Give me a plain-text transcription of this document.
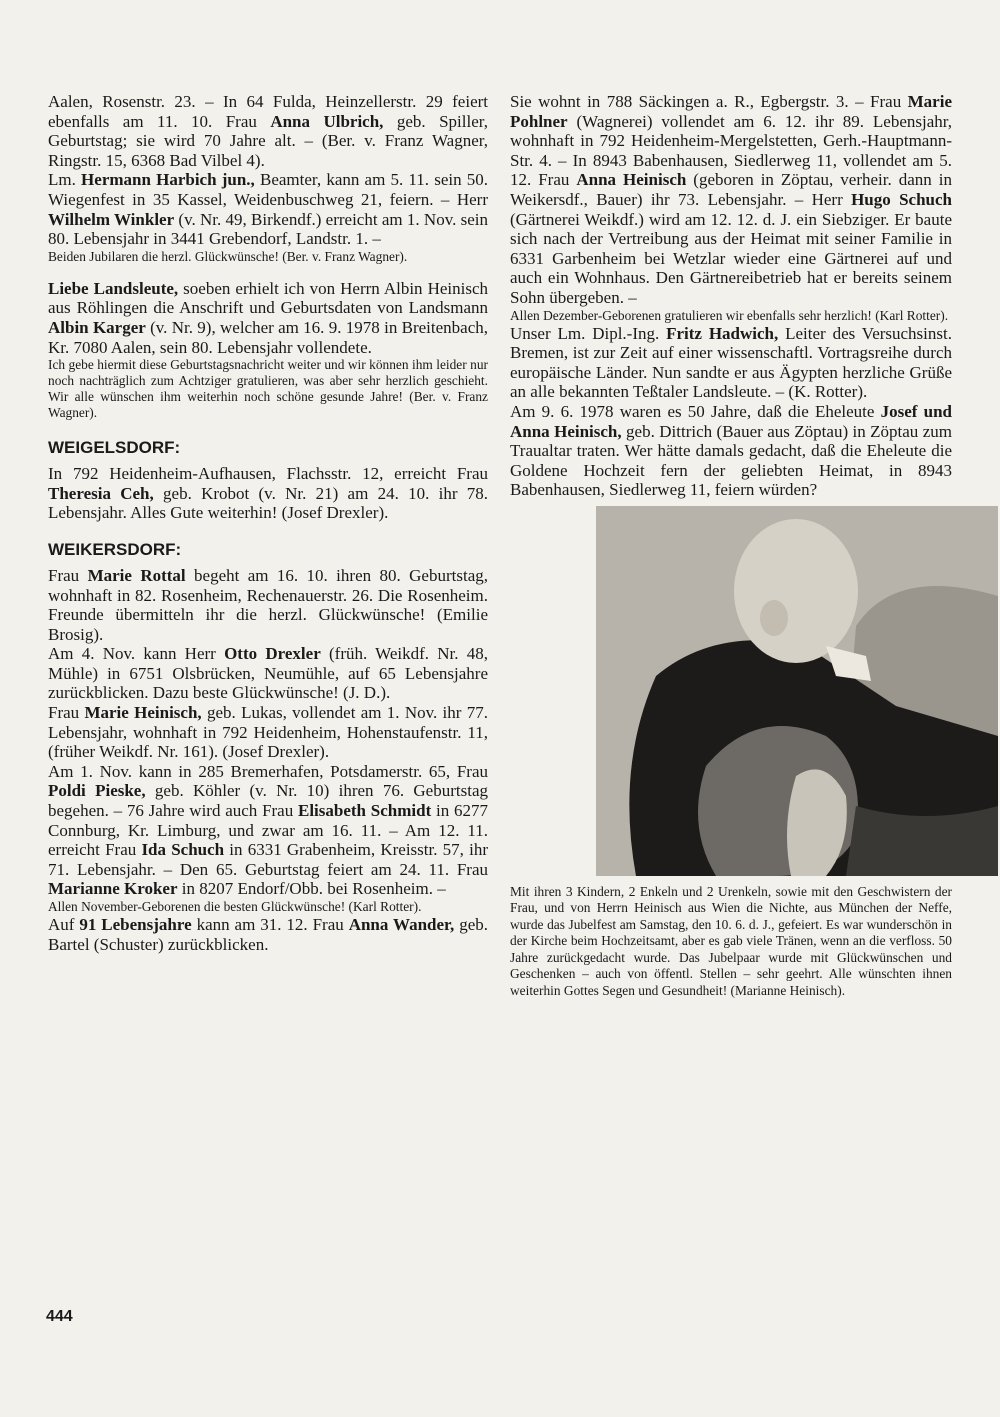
Aalen, Rosenstr. 23. – In 64 Fulda, Heinzellerstr. 29 feiert ebenfalls am 11. 10. Frau Anna Ulbrich, geb. Spiller, Geburtstag; sie wird 70 Jahre alt. – (Ber. v. Franz Wagner, Ringstr. 15, 6368 Bad Vilbel 4).

Lm. Hermann Harbich jun., Beamter, kann am 5. 11. sein 50. Wiegenfest in 35 Kassel, Weidenbuschweg 21, feiern. – Herr Wilhelm Winkler (v. Nr. 49, Birkendf.) erreicht am 1. Nov. sein 80. Lebensjahr in 3441 Grebendorf, Landstr. 1. –

Beiden Jubilaren die herzl. Glückwünsche! (Ber. v. Franz Wagner).

Liebe Landsleute, soeben erhielt ich von Herrn Albin Heinisch aus Röhlingen die Anschrift und Geburtsdaten von Landsmann Albin Karger (v. Nr. 9), welcher am 16. 9. 1978 in Breitenbach, Kr. 7080 Aalen, sein 80. Lebensjahr vollendete.

Ich gebe hiermit diese Geburtstagsnachricht weiter und wir können ihm leider nur noch nachträglich zum Achtziger gratulieren, was aber sehr herzlich geschieht. Wir alle wünschen ihm weiterhin noch schöne gesunde Jahre! (Ber. v. Franz Wagner).

WEIGELSDORF:

In 792 Heidenheim-Aufhausen, Flachsstr. 12, erreicht Frau Theresia Ceh, geb. Krobot (v. Nr. 21) am 24. 10. ihr 78. Lebensjahr. Alles Gute weiterhin! (Josef Drexler).

WEIKERSDORF:

Frau Marie Rottal begeht am 16. 10. ihren 80. Geburtstag, wohnhaft in 82. Rosenheim, Rechenauerstr. 26. Die Rosenheim. Freunde übermitteln ihr die herzl. Glückwünsche! (Emilie Brosig).

Am 4. Nov. kann Herr Otto Drexler (früh. Weikdf. Nr. 48, Mühle) in 6751 Olsbrücken, Neumühle, auf 65 Lebensjahre zurückblicken. Dazu beste Glückwünsche! (J. D.).

Frau Marie Heinisch, geb. Lukas, vollendet am 1. Nov. ihr 77. Lebensjahr, wohnhaft in 792 Heidenheim, Hohenstaufenstr. 11, (früher Weikdf. Nr. 161). (Josef Drexler).

Am 1. Nov. kann in 285 Bremerhafen, Potsdamerstr. 65, Frau Poldi Pieske, geb. Köhler (v. Nr. 10) ihren 76. Geburtstag begehen. – 76 Jahre wird auch Frau Elisabeth Schmidt in 6277 Connburg, Kr. Limburg, und zwar am 16. 11. – Am 12. 11. erreicht Frau Ida Schuch in 6331 Grabenheim, Kreisstr. 57, ihr 71. Lebensjahr. – Den 65. Geburtstag feiert am 24. 11. Frau Marianne Kroker in 8207 Endorf/Obb. bei Rosenheim. –

Allen November-Geborenen die besten Glückwünsche! (Karl Rotter).

Auf 91 Lebensjahre kann am 31. 12. Frau Anna Wander, geb. Bartel (Schuster) zurückblicken.

Sie wohnt in 788 Säckingen a. R., Egbergstr. 3. – Frau Marie Pohlner (Wagnerei) vollendet am 6. 12. ihr 89. Lebensjahr, wohnhaft in 792 Heidenheim-Mergelstetten, Gerh.-Hauptmann-Str. 4. – In 8943 Babenhausen, Siedlerweg 11, vollendet am 5. 12. Frau Anna Heinisch (geboren in Zöptau, verheir. dann in Weikersdf., Bauer) ihr 73. Lebensjahr. – Herr Hugo Schuch (Gärtnerei Weikdf.) wird am 12. 12. d. J. ein Siebziger. Er baute sich nach der Vertreibung aus der Heimat mit seiner Familie in 6331 Garbenheim bei Wetzlar wieder eine Gärtnerei auf und auch ein Wohnhaus. Den Gärtnereibetrieb hat er bereits seinem Sohn übergeben. –

Allen Dezember-Geborenen gratulieren wir ebenfalls sehr herzlich! (Karl Rotter).

Unser Lm. Dipl.-Ing. Fritz Hadwich, Leiter des Versuchsinst. Bremen, ist zur Zeit auf einer wissenschaftl. Vortragsreihe durch europäische Länder. Nun sandte er aus Ägypten herzliche Grüße an alle bekannten Teßtaler Landsleute. – (K. Rotter).

Am 9. 6. 1978 waren es 50 Jahre, daß die Eheleute Josef und Anna Heinisch, geb. Dittrich (Bauer aus Zöptau) in Zöptau zum Traualtar traten. Wer hätte damals gedacht, daß die Eheleute die Goldene Hochzeit fern der geliebten Heimat, in 8943 Babenhausen, Siedlerweg 11, feiern würden?

Mit ihren 3 Kindern, 2 Enkeln und 2 Urenkeln, sowie mit den Geschwistern der Frau, und von Herrn Heinisch aus Wien die Nichte, aus München der Neffe, wurde das Jubelfest am Samstag, den 10. 6. d. J., gefeiert. Es war wunderschön in der Kirche beim Hochzeitsamt, aber es gab viele Tränen, wenn an die verfloss. 50 Jahre zurückgedacht wurde. Das Jubelpaar wurde mit Glückwünschen und Geschenken – auch von öffentl. Stellen – sehr geehrt. Alle wünschten ihnen weiterhin Gottes Segen und Gesundheit! (Marianne Heinisch).

444
